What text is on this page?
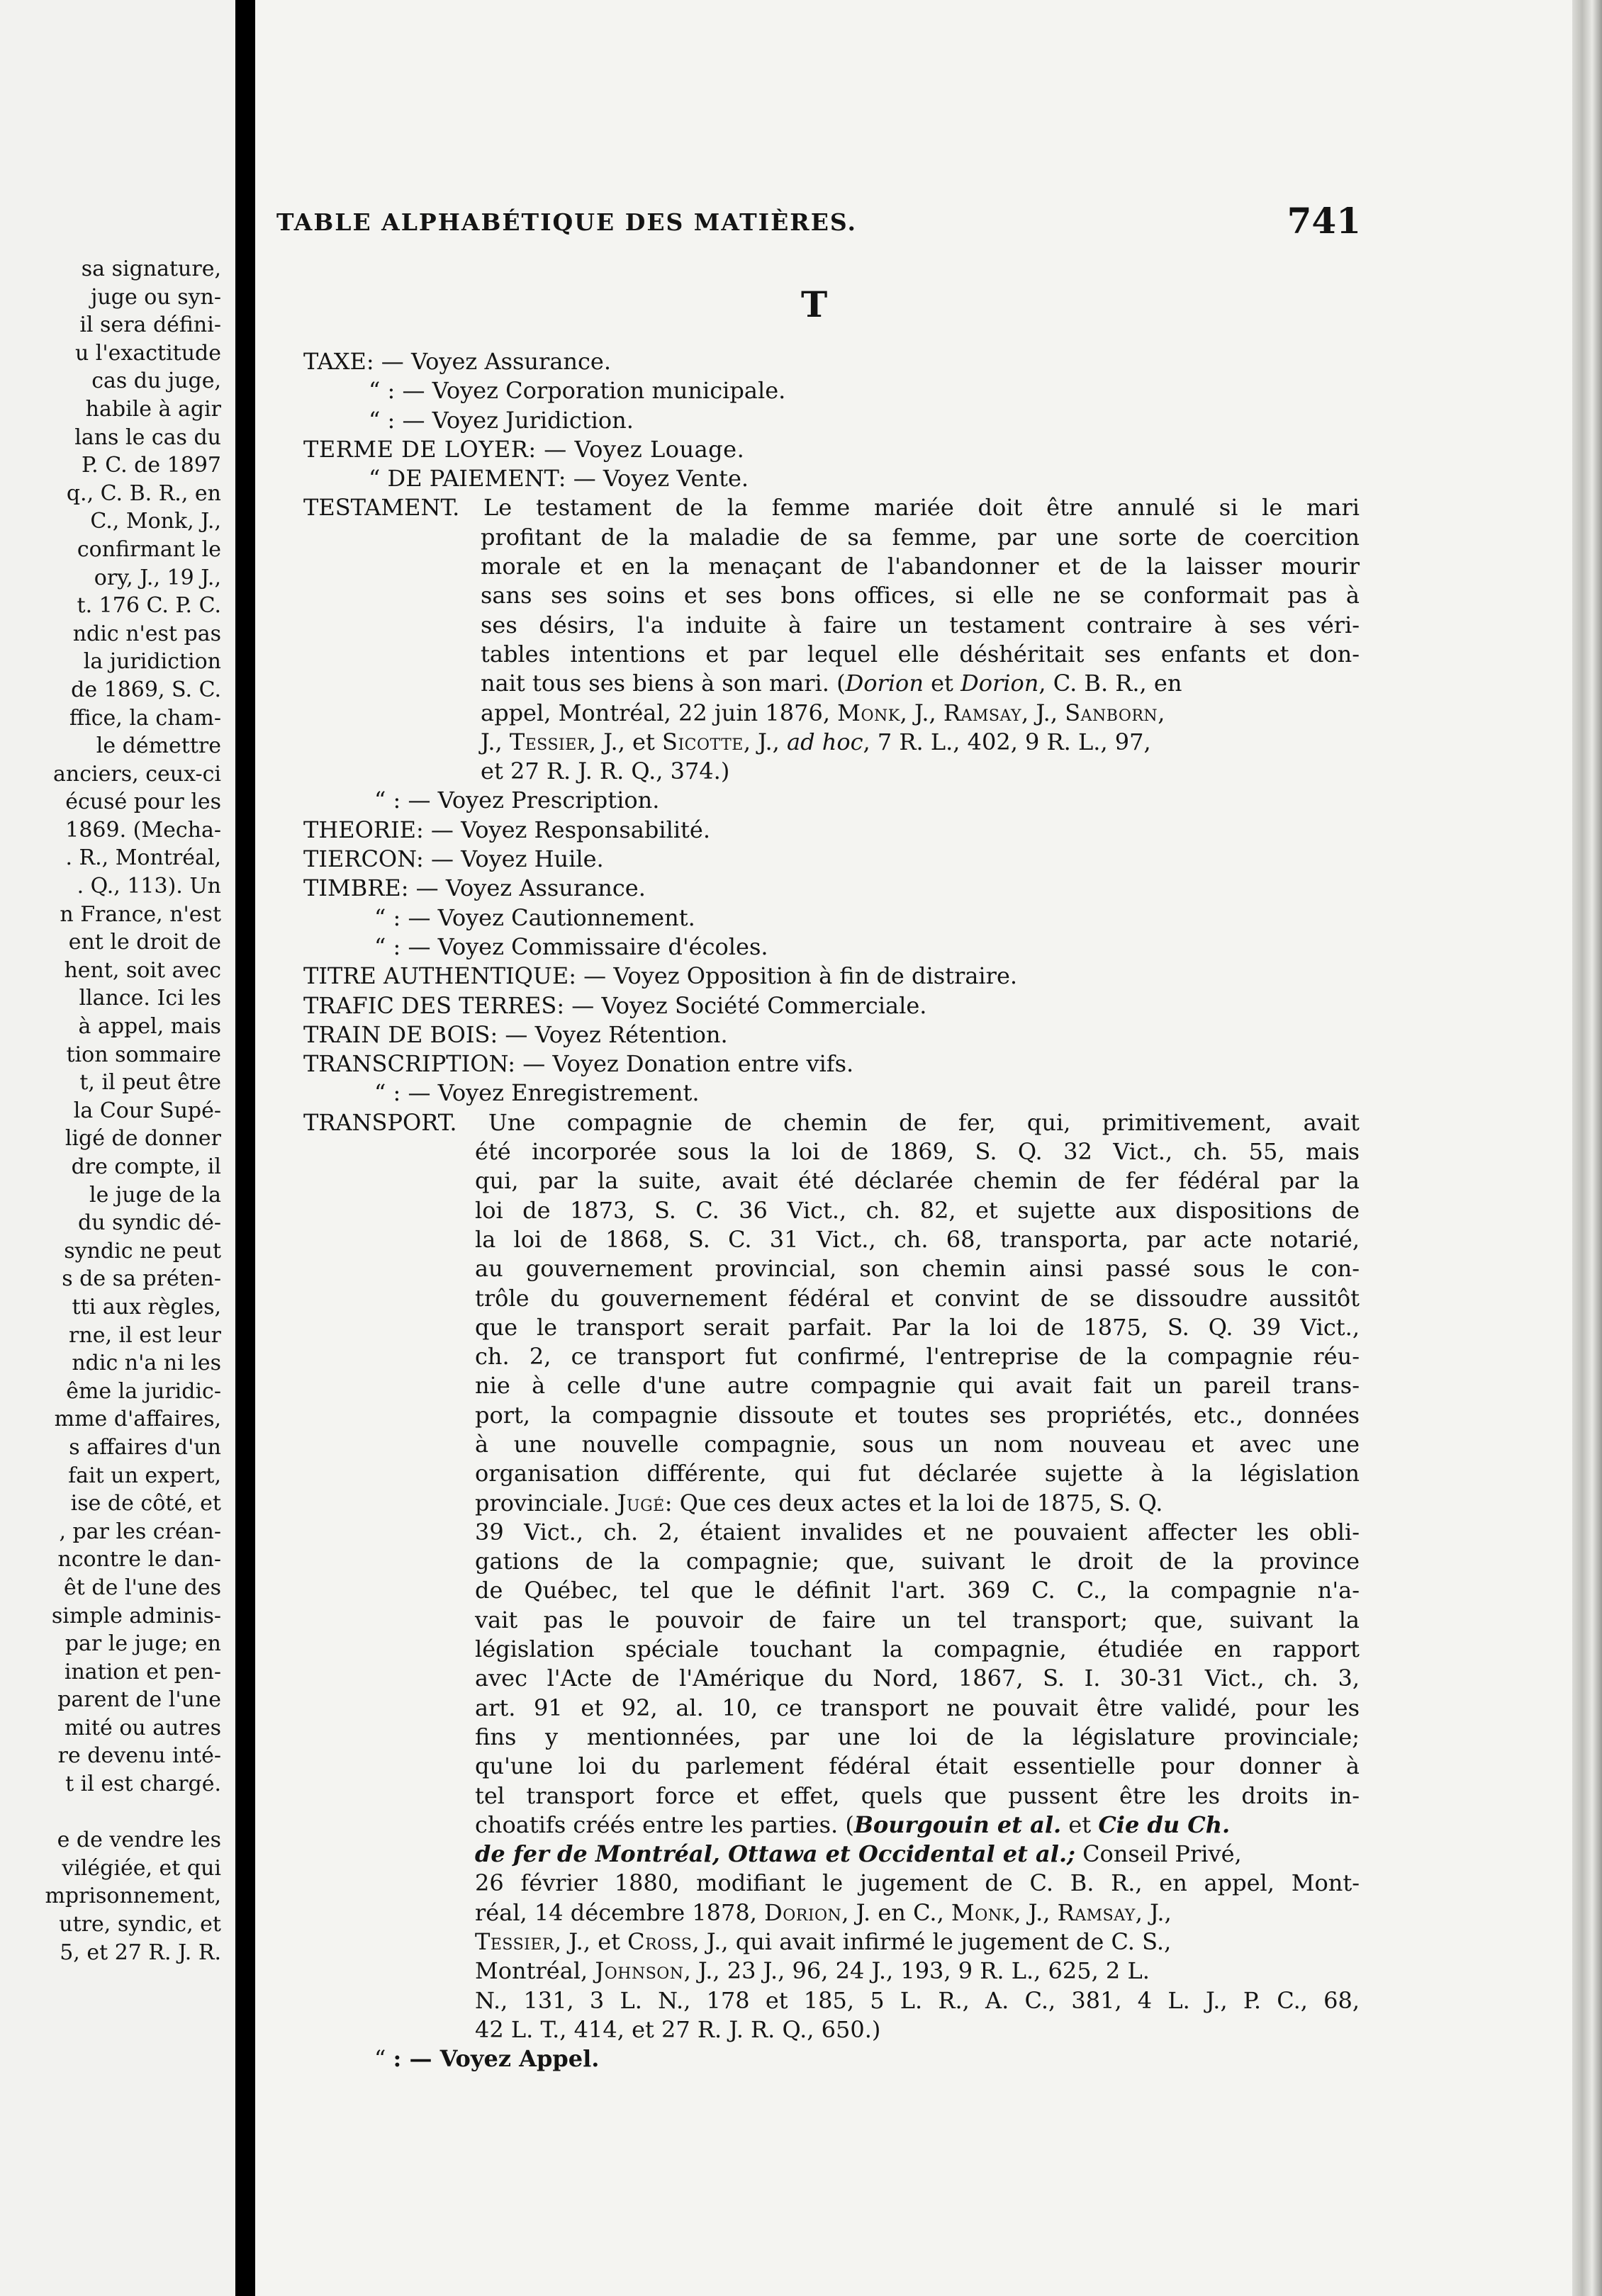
sa signature,
juge ou syn-
il sera défini-
u l'exactitude
cas du juge,
habile à agir
lans le cas du
P. C. de 1897
q., C. B. R., en
C., Monk, J.,
confirmant le
ory, J., 19 J.,
t. 176 C. P. C.
ndic n'est pas
la juridiction
de 1869, S. C.
ffice, la cham-
le démettre
anciers, ceux-ci
écusé pour les
1869. (Mecha-
. R., Montréal,
. Q., 113). Un
n France, n'est
ent le droit de
hent, soit avec
llance. Ici les
à appel, mais
tion sommaire
t, il peut être
la Cour Supé-
ligé de donner
dre compte, il
le juge de la
du syndic dé-
syndic ne peut
s de sa préten-
tti aux règles,
rne, il est leur
ndic n'a ni les
ême la juridic-
mme d'affaires,
s affaires d'un
fait un expert,
ise de côté, et
, par les créan-
ncontre le dan-
êt de l'une des
simple adminis-
par le juge; en
ination et pen-
parent de l'une
mité ou autres
re devenu inté-
t il est chargé.
e de vendre les
vilégiée, et qui
mprisonnement,
utre, syndic, et
5, et 27 R. J. R.
TABLE ALPHABÉTIQUE DES MATIÈRES.	741
T
TAXE: — Voyez Assurance.
“ : — Voyez Corporation municipale.
“ : — Voyez Juridiction.
TERME DE LOYER: — Voyez Louage.
“ DE PAIEMENT: — Voyez Vente.
TESTAMENT. Le testament de la femme mariée doit être annulé si le mari
profitant de la maladie de sa femme, par une sorte de coercition
morale et en la menaçant de l'abandonner et de la laisser mourir
sans ses soins et ses bons offices, si elle ne se conformait pas à
ses désirs, l'a induite à faire un testament contraire à ses véri-
tables intentions et par lequel elle déshéritait ses enfants et don-
nait tous ses biens à son mari. (Dorion et Dorion, C. B. R., en
appel, Montréal, 22 juin 1876, Monk, J., Ramsay, J., Sanborn,
J., Tessier, J., et Sicotte, J., ad hoc, 7 R. L., 402, 9 R. L., 97,
et 27 R. J. R. Q., 374.)
“ : — Voyez Prescription.
THEORIE: — Voyez Responsabilité.
TIERCON: — Voyez Huile.
TIMBRE: — Voyez Assurance.
“ : — Voyez Cautionnement.
“ : — Voyez Commissaire d'écoles.
TITRE AUTHENTIQUE: — Voyez Opposition à fin de distraire.
TRAFIC DES TERRES: — Voyez Société Commerciale.
TRAIN DE BOIS: — Voyez Rétention.
TRANSCRIPTION: — Voyez Donation entre vifs.
“ : — Voyez Enregistrement.
TRANSPORT. Une compagnie de chemin de fer, qui, primitivement, avait
été incorporée sous la loi de 1869, S. Q. 32 Vict., ch. 55, mais
qui, par la suite, avait été déclarée chemin de fer fédéral par la
loi de 1873, S. C. 36 Vict., ch. 82, et sujette aux dispositions de
la loi de 1868, S. C. 31 Vict., ch. 68, transporta, par acte notarié,
au gouvernement provincial, son chemin ainsi passé sous le con-
trôle du gouvernement fédéral et convint de se dissoudre aussitôt
que le transport serait parfait. Par la loi de 1875, S. Q. 39 Vict.,
ch. 2, ce transport fut confirmé, l'entreprise de la compagnie réu-
nie à celle d'une autre compagnie qui avait fait un pareil trans-
port, la compagnie dissoute et toutes ses propriétés, etc., données
à une nouvelle compagnie, sous un nom nouveau et avec une
organisation différente, qui fut déclarée sujette à la législation
provinciale. Jugé: Que ces deux actes et la loi de 1875, S. Q.
39 Vict., ch. 2, étaient invalides et ne pouvaient affecter les obli-
gations de la compagnie; que, suivant le droit de la province
de Québec, tel que le définit l'art. 369 C. C., la compagnie n'a-
vait pas le pouvoir de faire un tel transport; que, suivant la
législation spéciale touchant la compagnie, étudiée en rapport
avec l'Acte de l'Amérique du Nord, 1867, S. I. 30-31 Vict., ch. 3,
art. 91 et 92, al. 10, ce transport ne pouvait être validé, pour les
fins y mentionnées, par une loi de la législature provinciale;
qu'une loi du parlement fédéral était essentielle pour donner à
tel transport force et effet, quels que pussent être les droits in-
choatifs créés entre les parties. (Bourgouin et al. et Cie du Ch.
de fer de Montréal, Ottawa et Occidental et al.; Conseil Privé,
26 février 1880, modifiant le jugement de C. B. R., en appel, Mont-
réal, 14 décembre 1878, Dorion, J. en C., Monk, J., Ramsay, J.,
Tessier, J., et Cross, J., qui avait infirmé le jugement de C. S.,
Montréal, Johnson, J., 23 J., 96, 24 J., 193, 9 R. L., 625, 2 L.
N., 131, 3 L. N., 178 et 185, 5 L. R., A. C., 381, 4 L. J., P. C., 68,
42 L. T., 414, et 27 R. J. R. Q., 650.)
“ : — Voyez Appel.
